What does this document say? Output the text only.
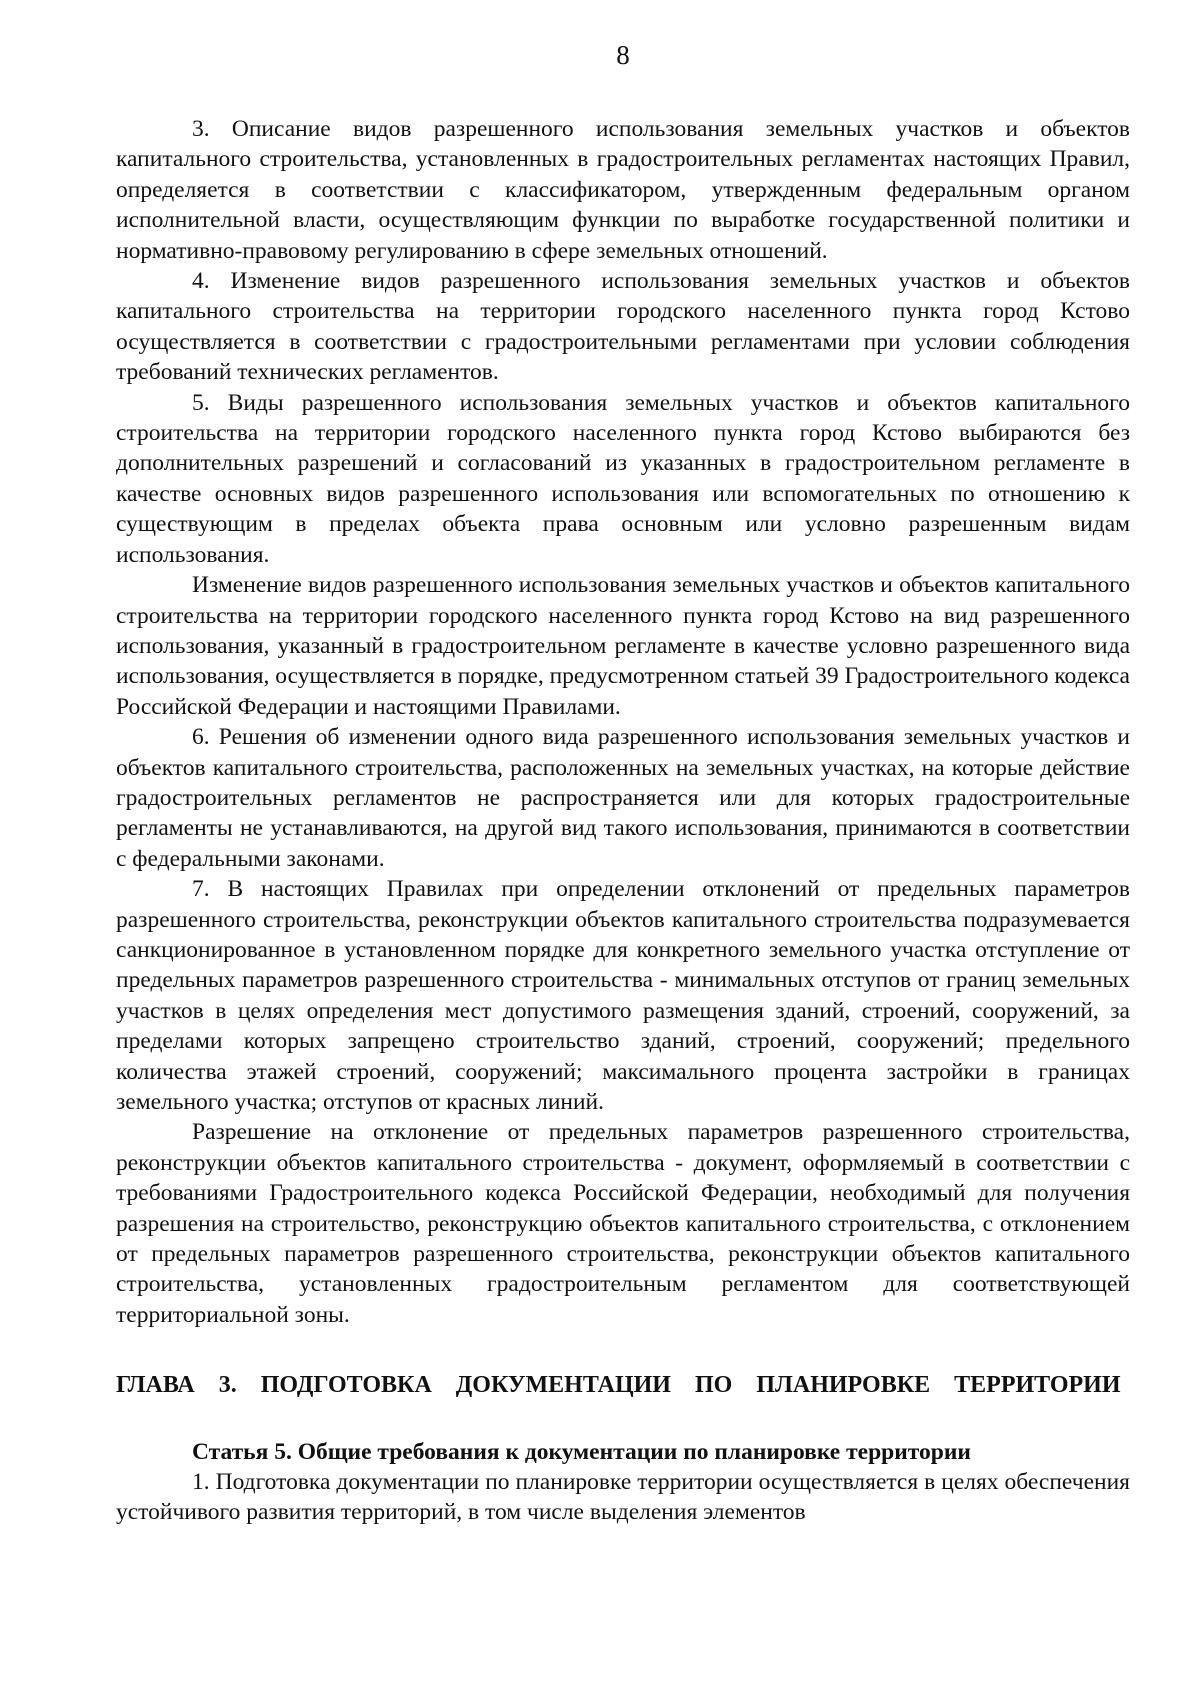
8

3. Описание видов разрешенного использования земельных участков и объектов капитального строительства, установленных в градостроительных регламентах настоящих Правил, определяется в соответствии с классификатором, утвержденным федеральным органом исполнительной власти, осуществляющим функции по выработке государственной политики и нормативно-правовому регулированию в сфере земельных отношений.

4. Изменение видов разрешенного использования земельных участков и объектов капитального строительства на территории городского населенного пункта город Кстово осуществляется в соответствии с градостроительными регламентами при условии соблюдения требований технических регламентов.

5. Виды разрешенного использования земельных участков и объектов капитального строительства на территории городского населенного пункта город Кстово выбираются без дополнительных разрешений и согласований из указанных в градостроительном регламенте в качестве основных видов разрешенного использования или вспомогательных по отношению к существующим в пределах объекта права основным или условно разрешенным видам использования.

Изменение видов разрешенного использования земельных участков и объектов капитального строительства на территории городского населенного пункта город Кстово на вид разрешенного использования, указанный в градостроительном регламенте в качестве условно разрешенного вида использования, осуществляется в порядке, предусмотренном статьей 39 Градостроительного кодекса Российской Федерации и настоящими Правилами.

6. Решения об изменении одного вида разрешенного использования земельных участков и объектов капитального строительства, расположенных на земельных участках, на которые действие градостроительных регламентов не распространяется или для которых градостроительные регламенты не устанавливаются, на другой вид такого использования, принимаются в соответствии с федеральными законами.

7. В настоящих Правилах при определении отклонений от предельных параметров разрешенного строительства, реконструкции объектов капитального строительства подразумевается санкционированное в установленном порядке для конкретного земельного участка отступление от предельных параметров разрешенного строительства - минимальных отступов от границ земельных участков в целях определения мест допустимого размещения зданий, строений, сооружений, за пределами которых запрещено строительство зданий, строений, сооружений; предельного количества этажей строений, сооружений; максимального процента застройки в границах земельного участка; отступов от красных линий.

Разрешение на отклонение от предельных параметров разрешенного строительства, реконструкции объектов капитального строительства - документ, оформляемый в соответствии с требованиями Градостроительного кодекса Российской Федерации, необходимый для получения разрешения на строительство, реконструкцию объектов капитального строительства, с отклонением от предельных параметров разрешенного строительства, реконструкции объектов капитального строительства, установленных градостроительным регламентом для соответствующей территориальной зоны.

ГЛАВА 3. ПОДГОТОВКА ДОКУМЕНТАЦИИ ПО ПЛАНИРОВКЕ ТЕРРИТОРИИ
Статья 5. Общие требования к документации по планировке территории

1. Подготовка документации по планировке территории осуществляется в целях обеспечения устойчивого развития территорий, в том числе выделения элементов
